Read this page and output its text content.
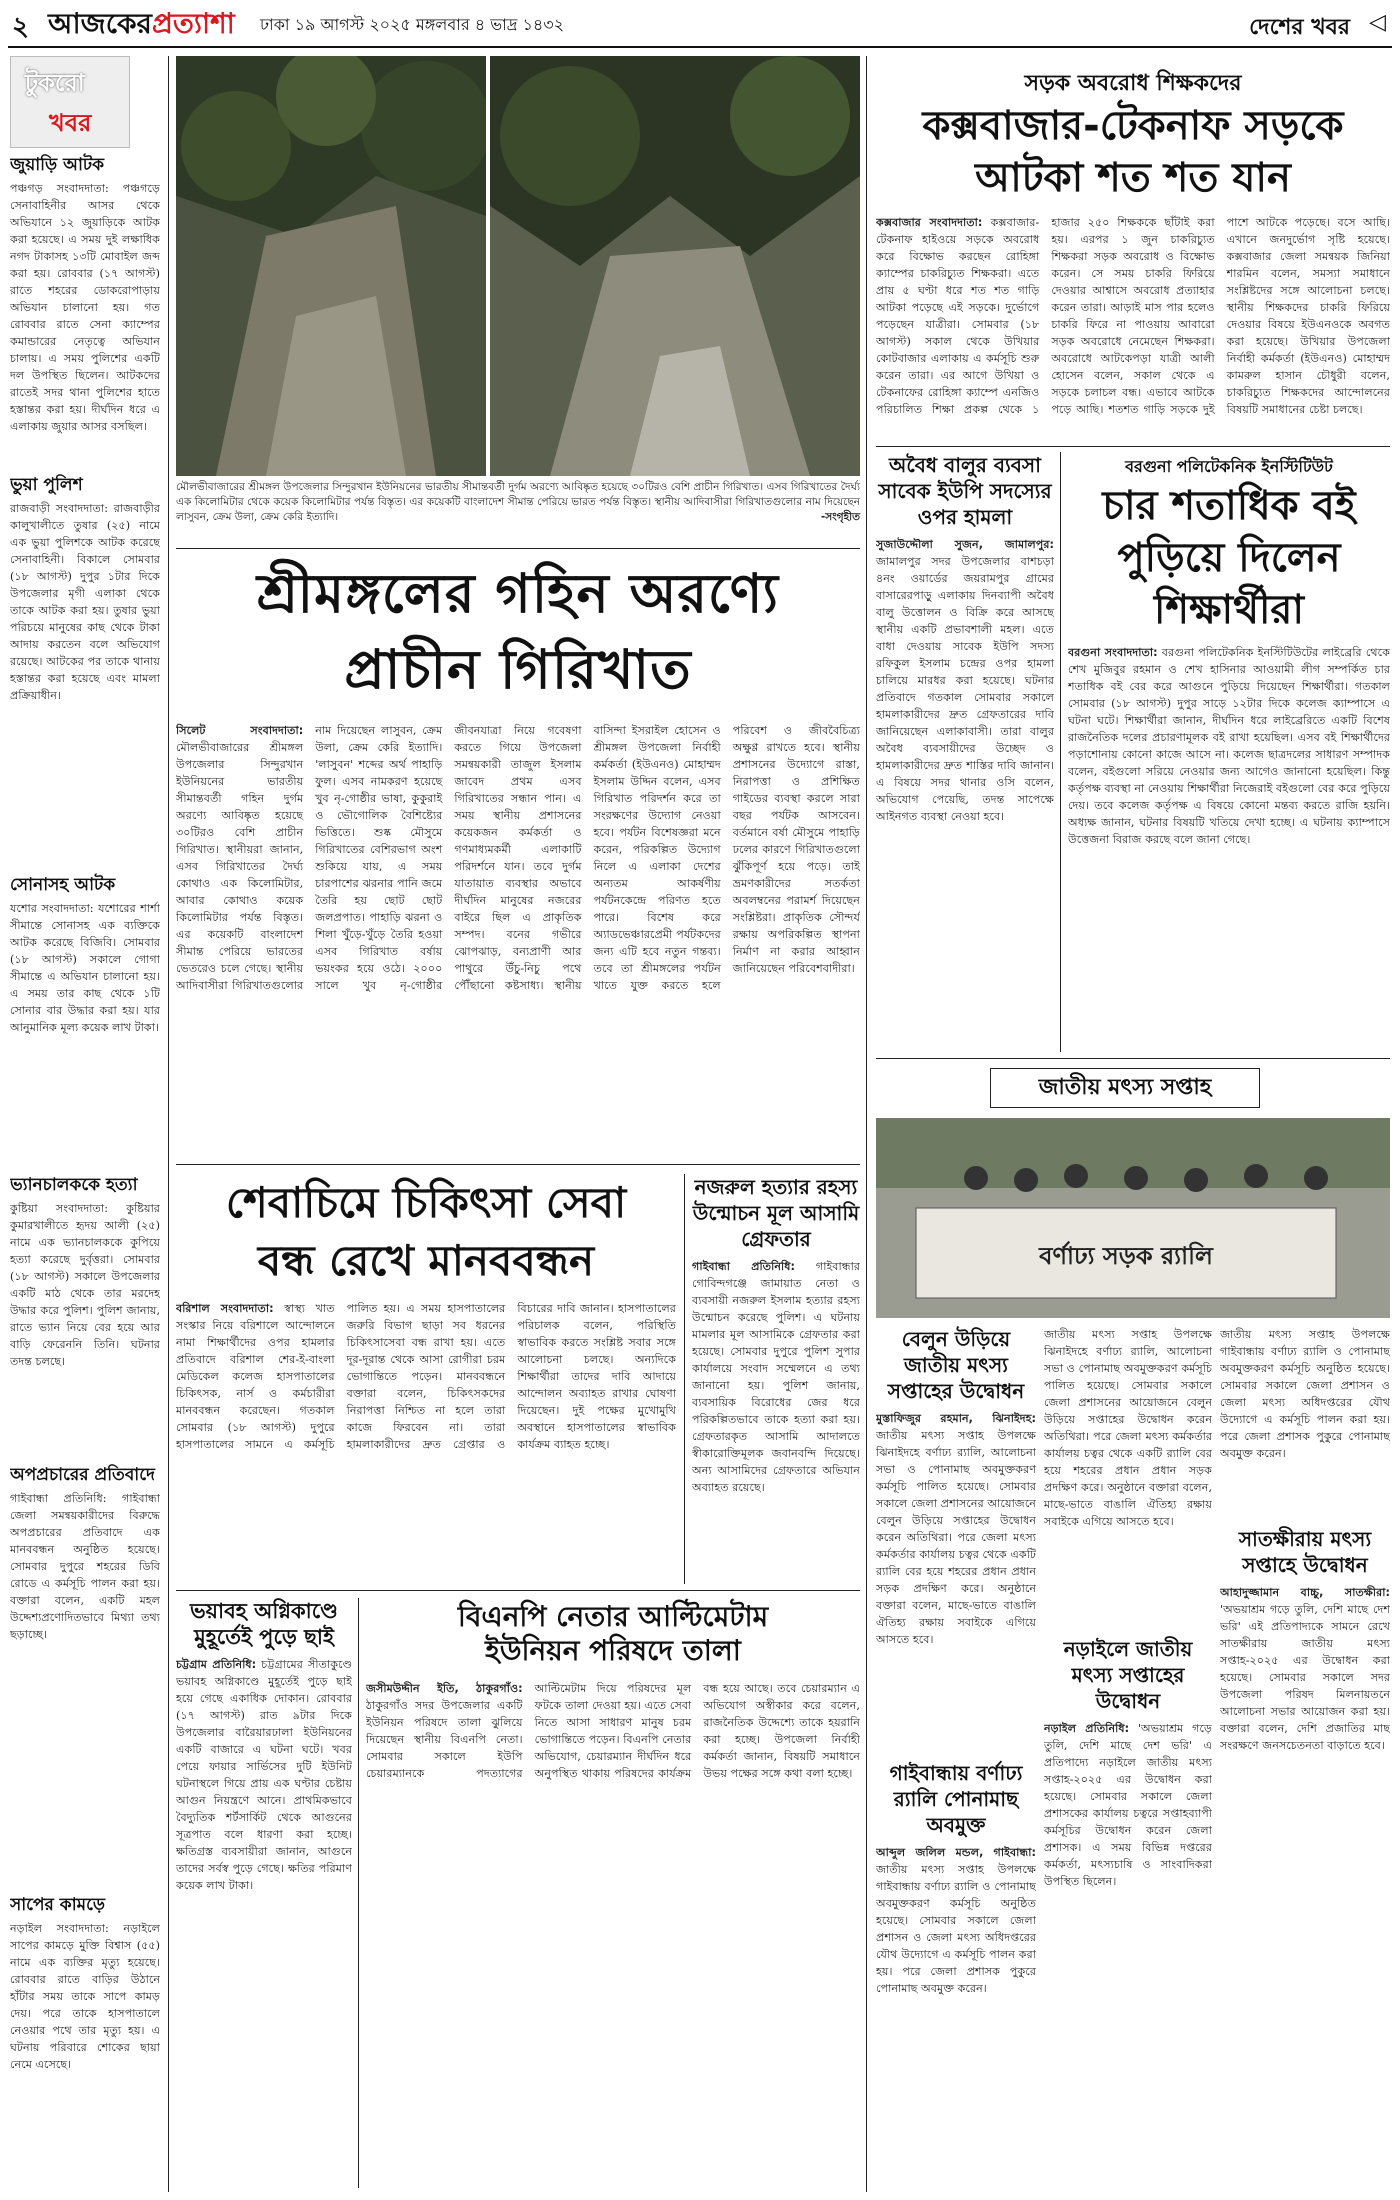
২ আজকেরপ্রত্যাশা ঢাকা ১৯ আগস্ট ২০২৫ মঙ্গলবার ৪ ভাদ্র ১৪৩২	দেশের খবর ◁
টুকরো
খবর
জুয়াড়ি আটক
পঞ্চগড় সংবাদদাতা: পঞ্চগড়ে সেনাবাহিনীর আসর থেকে অভিযানে ১২ জুয়াড়িকে আটক করা হয়েছে। এ সময় দুই লক্ষাধিক নগদ টাকাসহ ১৩টি মোবাইল জব্দ করা হয়। রোববার (১৭ আগস্ট) রাতে শহরের ডোকরোপাড়ায় অভিযান চালানো হয়। গত রোববার রাতে সেনা ক্যাম্পের কমান্ডারের নেতৃত্বে অভিযান চালায়। এ সময় পুলিশের একটি দল উপস্থিত ছিলেন। আটকদের রাতেই সদর থানা পুলিশের হাতে হস্তান্তর করা হয়। দীর্ঘদিন ধরে এ এলাকায় জুয়ার আসর বসছিল।
ভুয়া পুলিশ
রাজবাড়ী সংবাদদাতা: রাজবাড়ীর কালুখালীতে তুষার (২৫) নামে এক ভুয়া পুলিশকে আটক করেছে সেনাবাহিনী। বিকালে সোমবার (১৮ আগস্ট) দুপুর ১টার দিকে উপজেলার মৃগী এলাকা থেকে তাকে আটক করা হয়। তুষার ভুয়া পরিচয়ে মানুষের কাছ থেকে টাকা আদায় করতেন বলে অভিযোগ রয়েছে। আটকের পর তাকে থানায় হস্তান্তর করা হয়েছে এবং মামলা প্রক্রিয়াধীন।
সোনাসহ আটক
যশোর সংবাদদাতা: যশোরের শার্শা সীমান্তে সোনাসহ এক ব্যক্তিকে আটক করেছে বিজিবি। সোমবার (১৮ আগস্ট) সকালে গোগা সীমান্তে এ অভিযান চালানো হয়। এ সময় তার কাছ থেকে ১টি সোনার বার উদ্ধার করা হয়। যার আনুমানিক মূল্য কয়েক লাখ টাকা।
ভ্যানচালককে হত্যা
কুষ্টিয়া সংবাদদাতা: কুষ্টিয়ার কুমারখালীতে হৃদয় আলী (২৫) নামে এক ভ্যানচালককে কুপিয়ে হত্যা করেছে দুর্বৃত্তরা। সোমবার (১৮ আগস্ট) সকালে উপজেলার একটি মাঠ থেকে তার মরদেহ উদ্ধার করে পুলিশ। পুলিশ জানায়, রাতে ভ্যান নিয়ে বের হয়ে আর বাড়ি ফেরেননি তিনি। ঘটনার তদন্ত চলছে।
অপপ্রচারের প্রতিবাদে
গাইবান্ধা প্রতিনিধি: গাইবান্ধা জেলা সমন্বয়কারীদের বিরুদ্ধে অপপ্রচারের প্রতিবাদে এক মানববন্ধন অনুষ্ঠিত হয়েছে। সোমবার দুপুরে শহরের ডিবি রোডে এ কর্মসূচি পালন করা হয়। বক্তারা বলেন, একটি মহল উদ্দেশ্যপ্রণোদিতভাবে মিথ্যা তথ্য ছড়াচ্ছে।
সাপের কামড়ে
নড়াইল সংবাদদাতা: নড়াইলে সাপের কামড়ে মুক্তি বিশ্বাস (৫৫) নামে এক ব্যক্তির মৃত্যু হয়েছে। রোববার রাতে বাড়ির উঠানে হাঁটার সময় তাকে সাপে কামড় দেয়। পরে তাকে হাসপাতালে নেওয়ার পথে তার মৃত্যু হয়। এ ঘটনায় পরিবারে শোকের ছায়া নেমে এসেছে।
মৌলভীবাজারের শ্রীমঙ্গল উপজেলার সিন্দুরখান ইউনিয়নের ভারতীয় সীমান্তবর্তী দুর্গম অরণ্যে আবিষ্কৃত হয়েছে ৩০টিরও বেশি প্রাচীন গিরিখাত। এসব গিরিখাতের দৈর্ঘ্য এক কিলোমিটার থেকে কয়েক কিলোমিটার পর্যন্ত বিস্তৃত। এর কয়েকটি বাংলাদেশ সীমান্ত পেরিয়ে ভারত পর্যন্ত বিস্তৃত। স্থানীয় আদিবাসীরা গিরিখাতগুলোর নাম দিয়েছেন লাসুবন, ক্রেম উলা, ক্রেম কেরি ইত্যাদি।	-সংগৃহীত
শ্রীমঙ্গলের গহিন অরণ্যে
প্রাচীন গিরিখাত
সিলেট সংবাদদাতা: মৌলভীবাজারের শ্রীমঙ্গল উপজেলার সিন্দুরখান ইউনিয়নের ভারতীয় সীমান্তবর্তী গহিন দুর্গম অরণ্যে আবিষ্কৃত হয়েছে ৩০টিরও বেশি প্রাচীন গিরিখাত। স্থানীয়রা জানান, এসব গিরিখাতের দৈর্ঘ্য কোথাও এক কিলোমিটার, আবার কোথাও কয়েক কিলোমিটার পর্যন্ত বিস্তৃত। এর কয়েকটি বাংলাদেশ সীমান্ত পেরিয়ে ভারতের ভেতরেও চলে গেছে। স্থানীয় আদিবাসীরা গিরিখাতগুলোর নাম দিয়েছেন লাসুবন, ক্রেম উলা, ক্রেম কেরি ইত্যাদি। 'লাসুবন' শব্দের অর্থ পাহাড়ি ফুল। এসব নামকরণ হয়েছে খুব নৃ-গোষ্ঠীর ভাষা, কুকুরাই ও ভৌগোলিক বৈশিষ্ট্যের ভিত্তিতে। শুষ্ক মৌসুমে গিরিখাতের বেশিরভাগ অংশ শুকিয়ে যায়, এ সময় চারপাশের ঝরনার পানি জমে তৈরি হয় ছোট ছোট জলপ্রপাত। পাহাড়ি ঝরনা ও শিলা খুঁড়ে-খুঁড়ে তৈরি হওয়া এসব গিরিখাত বর্ষায় ভয়ংকর হয়ে ওঠে। ২০০০ সালে খুব নৃ-গোষ্ঠীর জীবনযাত্রা নিয়ে গবেষণা করতে গিয়ে উপজেলা সমন্বয়কারী তাজুল ইসলাম জাবেদ প্রথম এসব গিরিখাতের সন্ধান পান। এ সময় স্থানীয় প্রশাসনের কয়েকজন কর্মকর্তা ও গণমাধ্যমকর্মী এলাকাটি পরিদর্শনে যান। তবে দুর্গম যাতায়াত ব্যবস্থার অভাবে দীর্ঘদিন মানুষের নজরের বাইরে ছিল এ প্রাকৃতিক সম্পদ। বনের গভীরে ঝোপঝাড়, বন্যপ্রাণী আর পাথুরে উঁচু-নিচু পথে পৌঁছানো কষ্টসাধ্য। স্থানীয় বাসিন্দা ইসরাইল হোসেন ও শ্রীমঙ্গল উপজেলা নির্বাহী কর্মকর্তা (ইউএনও) মোহাম্মদ ইসলাম উদ্দিন বলেন, এসব গিরিখাত পরিদর্শন করে তা সংরক্ষণের উদ্যোগ নেওয়া হবে। পর্যটন বিশেষজ্ঞরা মনে করেন, পরিকল্পিত উদ্যোগ নিলে এ এলাকা দেশের অন্যতম আকর্ষণীয় পর্যটনকেন্দ্রে পরিণত হতে পারে। বিশেষ করে অ্যাডভেঞ্চারপ্রেমী পর্যটকদের জন্য এটি হবে নতুন গন্তব্য। তবে তা শ্রীমঙ্গলের পর্যটন খাতে যুক্ত করতে হলে পরিবেশ ও জীববৈচিত্র্য অক্ষুণ্ণ রাখতে হবে। স্থানীয় প্রশাসনের উদ্যোগে রাস্তা, নিরাপত্তা ও প্রশিক্ষিত গাইডের ব্যবস্থা করলে সারা বছর পর্যটক আসবেন। বর্তমানে বর্ষা মৌসুমে পাহাড়ি ঢলের কারণে গিরিখাতগুলো ঝুঁকিপূর্ণ হয়ে পড়ে। তাই ভ্রমণকারীদের সতর্কতা অবলম্বনের পরামর্শ দিয়েছেন সংশ্লিষ্টরা। প্রাকৃতিক সৌন্দর্য রক্ষায় অপরিকল্পিত স্থাপনা নির্মাণ না করার আহ্বান জানিয়েছেন পরিবেশবাদীরা।
সড়ক অবরোধ শিক্ষকদের
কক্সবাজার-টেকনাফ সড়কে
আটকা শত শত যান
কক্সবাজার সংবাদদাতা: কক্সবাজার-টেকনাফ হাইওয়ে সড়কে অবরোধ করে বিক্ষোভ করছেন রোহিঙ্গা ক্যাম্পের চাকরিচ্যুত শিক্ষকরা। এতে প্রায় ৫ ঘণ্টা ধরে শত শত গাড়ি আটকা পড়েছে এই সড়কে। দুর্ভোগে পড়েছেন যাত্রীরা। সোমবার (১৮ আগস্ট) সকাল থেকে উখিয়ার কোটবাজার এলাকায় এ কর্মসূচি শুরু করেন তারা। এর আগে উখিয়া ও টেকনাফের রোহিঙ্গা ক্যাম্পে এনজিও পরিচালিত শিক্ষা প্রকল্প থেকে ১ হাজার ২৫০ শিক্ষককে ছাঁটাই করা হয়। এরপর ১ জুন চাকরিচ্যুত শিক্ষকরা সড়ক অবরোধ ও বিক্ষোভ করেন। সে সময় চাকরি ফিরিয়ে দেওয়ার আশ্বাসে অবরোধ প্রত্যাহার করেন তারা। আড়াই মাস পার হলেও চাকরি ফিরে না পাওয়ায় আবারো সড়ক অবরোধে নেমেছেন শিক্ষকরা। অবরোধে আটকেপড়া যাত্রী আলী হোসেন বলেন, সকাল থেকে এ সড়কে চলাচল বন্ধ। এভাবে আটকে পড়ে আছি। শতশত গাড়ি সড়কে দুই পাশে আটকে পড়েছে। বসে আছি। এখানে জনদুর্ভোগ সৃষ্টি হয়েছে। কক্সবাজার জেলা সমন্বয়ক জিনিয়া শারমিন বলেন, সমস্যা সমাধানে সংশ্লিষ্টদের সঙ্গে আলোচনা চলছে। স্থানীয় শিক্ষকদের চাকরি ফিরিয়ে দেওয়ার বিষয়ে ইউএনওকে অবগত করা হয়েছে। উখিয়ার উপজেলা নির্বাহী কর্মকর্তা (ইউএনও) মোহাম্মদ কামরুল হাসান চৌধুরী বলেন, চাকরিচ্যুত শিক্ষকদের আন্দোলনের বিষয়টি সমাধানের চেষ্টা চলছে।
অবৈধ বালুর ব্যবসা সাবেক ইউপি সদস্যের ওপর হামলা
সুজাউদ্দৌলা সুজন, জামালপুর: জামালপুর সদর উপজেলার বাশচড়া ৪নং ওয়ার্ডের জয়রামপুর গ্রামের বাসারেরপাড়ু এলাকায় দিনব্যাপী অবৈধ বালু উত্তোলন ও বিক্রি করে আসছে স্থানীয় একটি প্রভাবশালী মহল। এতে বাধা দেওয়ায় সাবেক ইউপি সদস্য রফিকুল ইসলাম চন্দ্রের ওপর হামলা চালিয়ে মারধর করা হয়েছে। ঘটনার প্রতিবাদে গতকাল সোমবার সকালে হামলাকারীদের দ্রুত গ্রেফতারের দাবি জানিয়েছেন এলাকাবাসী। তারা বালুর অবৈধ ব্যবসায়ীদের উচ্ছেদ ও হামলাকারীদের দ্রুত শাস্তির দাবি জানান। এ বিষয়ে সদর থানার ওসি বলেন, অভিযোগ পেয়েছি, তদন্ত সাপেক্ষে আইনগত ব্যবস্থা নেওয়া হবে।
বরগুনা পলিটেকনিক ইনস্টিটিউট
চার শতাধিক বই
পুড়িয়ে দিলেন
শিক্ষার্থীরা
বরগুনা সংবাদদাতা: বরগুনা পলিটেকনিক ইনস্টিটিউটের লাইব্রেরি থেকে শেখ মুজিবুর রহমান ও শেখ হাসিনার আওয়ামী লীগ সম্পর্কিত চার শতাধিক বই বের করে আগুনে পুড়িয়ে দিয়েছেন শিক্ষার্থীরা। গতকাল সোমবার (১৮ আগস্ট) দুপুর সাড়ে ১২টার দিকে কলেজ ক্যাম্পাসে এ ঘটনা ঘটে। শিক্ষার্থীরা জানান, দীর্ঘদিন ধরে লাইব্রেরিতে একটি বিশেষ রাজনৈতিক দলের প্রচারণামূলক বই রাখা হয়েছিল। এসব বই শিক্ষার্থীদের পড়াশোনায় কোনো কাজে আসে না। কলেজ ছাত্রদলের সাধারণ সম্পাদক বলেন, বইগুলো সরিয়ে নেওয়ার জন্য আগেও জানানো হয়েছিল। কিন্তু কর্তৃপক্ষ ব্যবস্থা না নেওয়ায় শিক্ষার্থীরা নিজেরাই বইগুলো বের করে পুড়িয়ে দেয়। তবে কলেজ কর্তৃপক্ষ এ বিষয়ে কোনো মন্তব্য করতে রাজি হয়নি। অধ্যক্ষ জানান, ঘটনার বিষয়টি খতিয়ে দেখা হচ্ছে। এ ঘটনায় ক্যাম্পাসে উত্তেজনা বিরাজ করছে বলে জানা গেছে।
জাতীয় মৎস্য সপ্তাহ
বর্ণাঢ্য সড়ক র‍্যালি
বেলুন উড়িয়ে জাতীয় মৎস্য সপ্তাহের উদ্বোধন
মুস্তাফিজুর রহমান, ঝিনাইদহ: জাতীয় মৎস্য সপ্তাহ উপলক্ষে ঝিনাইদহে বর্ণাঢ্য র‍্যালি, আলোচনা সভা ও পোনামাছ অবমুক্তকরণ কর্মসূচি পালিত হয়েছে। সোমবার সকালে জেলা প্রশাসনের আয়োজনে বেলুন উড়িয়ে সপ্তাহের উদ্বোধন করেন অতিথিরা। পরে জেলা মৎস্য কর্মকর্তার কার্যালয় চত্বর থেকে একটি র‍্যালি বের হয়ে শহরের প্রধান প্রধান সড়ক প্রদক্ষিণ করে। অনুষ্ঠানে বক্তারা বলেন, মাছে-ভাতে বাঙালি ঐতিহ্য রক্ষায় সবাইকে এগিয়ে আসতে হবে।
গাইবান্ধায় বর্ণাঢ্য র‍্যালি পোনামাছ অবমুক্ত
আব্দুল জলিল মন্ডল, গাইবান্ধা: জাতীয় মৎস্য সপ্তাহ উপলক্ষে গাইবান্ধায় বর্ণাঢ্য র‍্যালি ও পোনামাছ অবমুক্তকরণ কর্মসূচি অনুষ্ঠিত হয়েছে। সোমবার সকালে জেলা প্রশাসন ও জেলা মৎস্য অধিদপ্তরের যৌথ উদ্যোগে এ কর্মসূচি পালন করা হয়। পরে জেলা প্রশাসক পুকুরে পোনামাছ অবমুক্ত করেন।
জাতীয় মৎস্য সপ্তাহ উপলক্ষে ঝিনাইদহে বর্ণাঢ্য র‍্যালি, আলোচনা সভা ও পোনামাছ অবমুক্তকরণ কর্মসূচি পালিত হয়েছে। সোমবার সকালে জেলা প্রশাসনের আয়োজনে বেলুন উড়িয়ে সপ্তাহের উদ্বোধন করেন অতিথিরা। পরে জেলা মৎস্য কর্মকর্তার কার্যালয় চত্বর থেকে একটি র‍্যালি বের হয়ে শহরের প্রধান প্রধান সড়ক প্রদক্ষিণ করে। অনুষ্ঠানে বক্তারা বলেন, মাছে-ভাতে বাঙালি ঐতিহ্য রক্ষায় সবাইকে এগিয়ে আসতে হবে।
নড়াইলে জাতীয় মৎস্য সপ্তাহের উদ্বোধন
নড়াইল প্রতিনিধি: 'অভয়াশ্রম গড়ে তুলি, দেশি মাছে দেশ ভরি' এ প্রতিপাদ্যে নড়াইলে জাতীয় মৎস্য সপ্তাহ-২০২৫ এর উদ্বোধন করা হয়েছে। সোমবার সকালে জেলা প্রশাসকের কার্যালয় চত্বরে সপ্তাহব্যাপী কর্মসূচির উদ্বোধন করেন জেলা প্রশাসক। এ সময় বিভিন্ন দপ্তরের কর্মকর্তা, মৎস্যচাষি ও সাংবাদিকরা উপস্থিত ছিলেন।
জাতীয় মৎস্য সপ্তাহ উপলক্ষে গাইবান্ধায় বর্ণাঢ্য র‍্যালি ও পোনামাছ অবমুক্তকরণ কর্মসূচি অনুষ্ঠিত হয়েছে। সোমবার সকালে জেলা প্রশাসন ও জেলা মৎস্য অধিদপ্তরের যৌথ উদ্যোগে এ কর্মসূচি পালন করা হয়। পরে জেলা প্রশাসক পুকুরে পোনামাছ অবমুক্ত করেন।
সাতক্ষীরায় মৎস্য সপ্তাহে উদ্বোধন
আহাদুজ্জামান বাচ্চু, সাতক্ষীরা: 'অভয়াশ্রম গড়ে তুলি, দেশি মাছে দেশ ভরি' এই প্রতিপাদ্যকে সামনে রেখে সাতক্ষীরায় জাতীয় মৎস্য সপ্তাহ-২০২৫ এর উদ্বোধন করা হয়েছে। সোমবার সকালে সদর উপজেলা পরিষদ মিলনায়তনে আলোচনা সভার আয়োজন করা হয়। বক্তারা বলেন, দেশি প্রজাতির মাছ সংরক্ষণে জনসচেতনতা বাড়াতে হবে।
শেবাচিমে চিকিৎসা সেবা
বন্ধ রেখে মানববন্ধন
বরিশাল সংবাদদাতা: স্বাস্থ্য খাত সংস্কার নিয়ে বরিশালে আন্দোলনে নামা শিক্ষার্থীদের ওপর হামলার প্রতিবাদে বরিশাল শের-ই-বাংলা মেডিকেল কলেজ হাসপাতালের চিকিৎসক, নার্স ও কর্মচারীরা মানববন্ধন করেছেন। গতকাল সোমবার (১৮ আগস্ট) দুপুরে হাসপাতালের সামনে এ কর্মসূচি পালিত হয়। এ সময় হাসপাতালের জরুরি বিভাগ ছাড়া সব ধরনের চিকিৎসাসেবা বন্ধ রাখা হয়। এতে দূর-দূরান্ত থেকে আসা রোগীরা চরম ভোগান্তিতে পড়েন। মানববন্ধনে বক্তারা বলেন, চিকিৎসকদের নিরাপত্তা নিশ্চিত না হলে তারা কাজে ফিরবেন না। তারা হামলাকারীদের দ্রুত গ্রেপ্তার ও বিচারের দাবি জানান। হাসপাতালের পরিচালক বলেন, পরিস্থিতি স্বাভাবিক করতে সংশ্লিষ্ট সবার সঙ্গে আলোচনা চলছে। অন্যদিকে শিক্ষার্থীরা তাদের দাবি আদায়ে আন্দোলন অব্যাহত রাখার ঘোষণা দিয়েছেন। দুই পক্ষের মুখোমুখি অবস্থানে হাসপাতালের স্বাভাবিক কার্যক্রম ব্যাহত হচ্ছে।
নজরুল হত্যার রহস্য উন্মোচন মূল আসামি গ্রেফতার
গাইবান্ধা প্রতিনিধি: গাইবান্ধার গোবিন্দগঞ্জে জামায়াত নেতা ও ব্যবসায়ী নজরুল ইসলাম হত্যার রহস্য উন্মোচন করেছে পুলিশ। এ ঘটনায় মামলার মূল আসামিকে গ্রেফতার করা হয়েছে। সোমবার দুপুরে পুলিশ সুপার কার্যালয়ে সংবাদ সম্মেলনে এ তথ্য জানানো হয়। পুলিশ জানায়, ব্যবসায়িক বিরোধের জের ধরে পরিকল্পিতভাবে তাকে হত্যা করা হয়। গ্রেফতারকৃত আসামি আদালতে স্বীকারোক্তিমূলক জবানবন্দি দিয়েছে। অন্য আসামিদের গ্রেফতারে অভিযান অব্যাহত রয়েছে।
ভয়াবহ অগ্নিকাণ্ডে মুহূর্তেই পুড়ে ছাই
চট্টগ্রাম প্রতিনিধি: চট্টগ্রামের সীতাকুণ্ডে ভয়াবহ অগ্নিকাণ্ডে মুহূর্তেই পুড়ে ছাই হয়ে গেছে একাধিক দোকান। রোববার (১৭ আগস্ট) রাত ৯টার দিকে উপজেলার বারৈয়ারঢালা ইউনিয়নের একটি বাজারে এ ঘটনা ঘটে। খবর পেয়ে ফায়ার সার্ভিসের দুটি ইউনিট ঘটনাস্থলে গিয়ে প্রায় এক ঘণ্টার চেষ্টায় আগুন নিয়ন্ত্রণে আনে। প্রাথমিকভাবে বৈদ্যুতিক শর্টসার্কিট থেকে আগুনের সূত্রপাত বলে ধারণা করা হচ্ছে। ক্ষতিগ্রস্ত ব্যবসায়ীরা জানান, আগুনে তাদের সর্বস্ব পুড়ে গেছে। ক্ষতির পরিমাণ কয়েক লাখ টাকা।
বিএনপি নেতার আল্টিমেটাম
ইউনিয়ন পরিষদে তালা
জসীমউদ্দীন ইতি, ঠাকুরগাঁও: ঠাকুরগাঁও সদর উপজেলার একটি ইউনিয়ন পরিষদে তালা ঝুলিয়ে দিয়েছেন স্থানীয় বিএনপি নেতা। সোমবার সকালে ইউপি চেয়ারম্যানকে পদত্যাগের আল্টিমেটাম দিয়ে পরিষদের মূল ফটকে তালা দেওয়া হয়। এতে সেবা নিতে আসা সাধারণ মানুষ চরম ভোগান্তিতে পড়েন। বিএনপি নেতার অভিযোগ, চেয়ারম্যান দীর্ঘদিন ধরে অনুপস্থিত থাকায় পরিষদের কার্যক্রম বন্ধ হয়ে আছে। তবে চেয়ারম্যান এ অভিযোগ অস্বীকার করে বলেন, রাজনৈতিক উদ্দেশ্যে তাকে হয়রানি করা হচ্ছে। উপজেলা নির্বাহী কর্মকর্তা জানান, বিষয়টি সমাধানে উভয় পক্ষের সঙ্গে কথা বলা হচ্ছে।
